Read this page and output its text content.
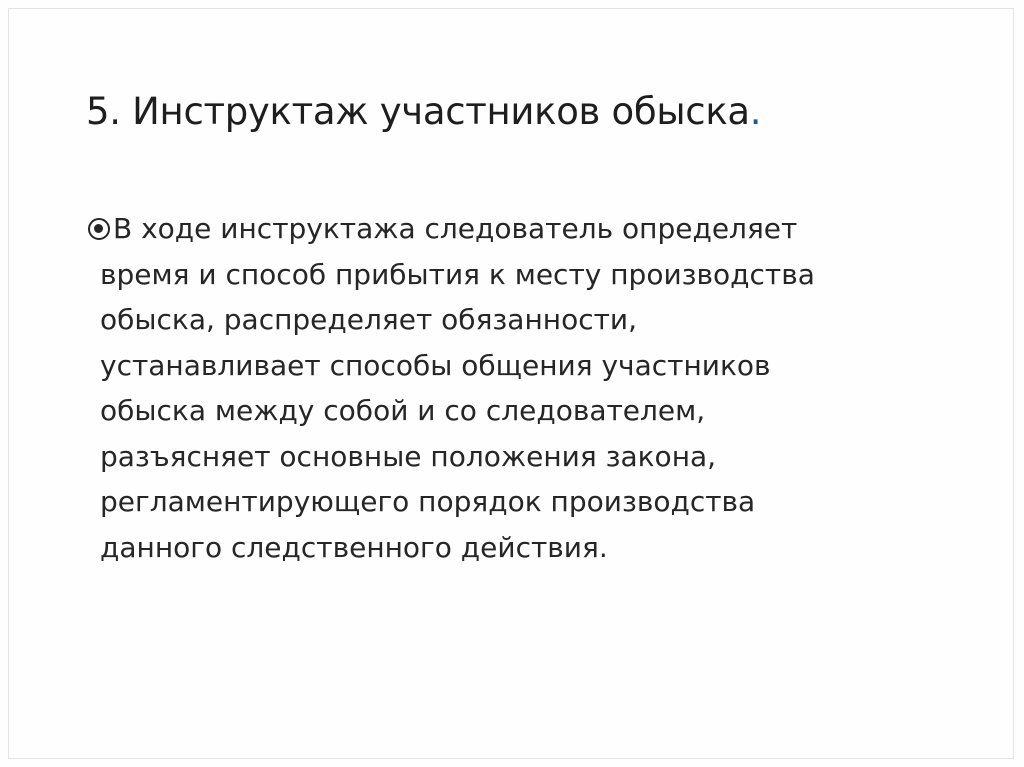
5. Инструктаж участников обыска.
В ходе инструктажа следователь определяет
время и способ прибытия к месту производства
обыска, распределяет обязанности,
устанавливает способы общения участников
обыска между собой и со следователем,
разъясняет основные положения закона,
регламентирующего порядок производства
данного следственного действия.
